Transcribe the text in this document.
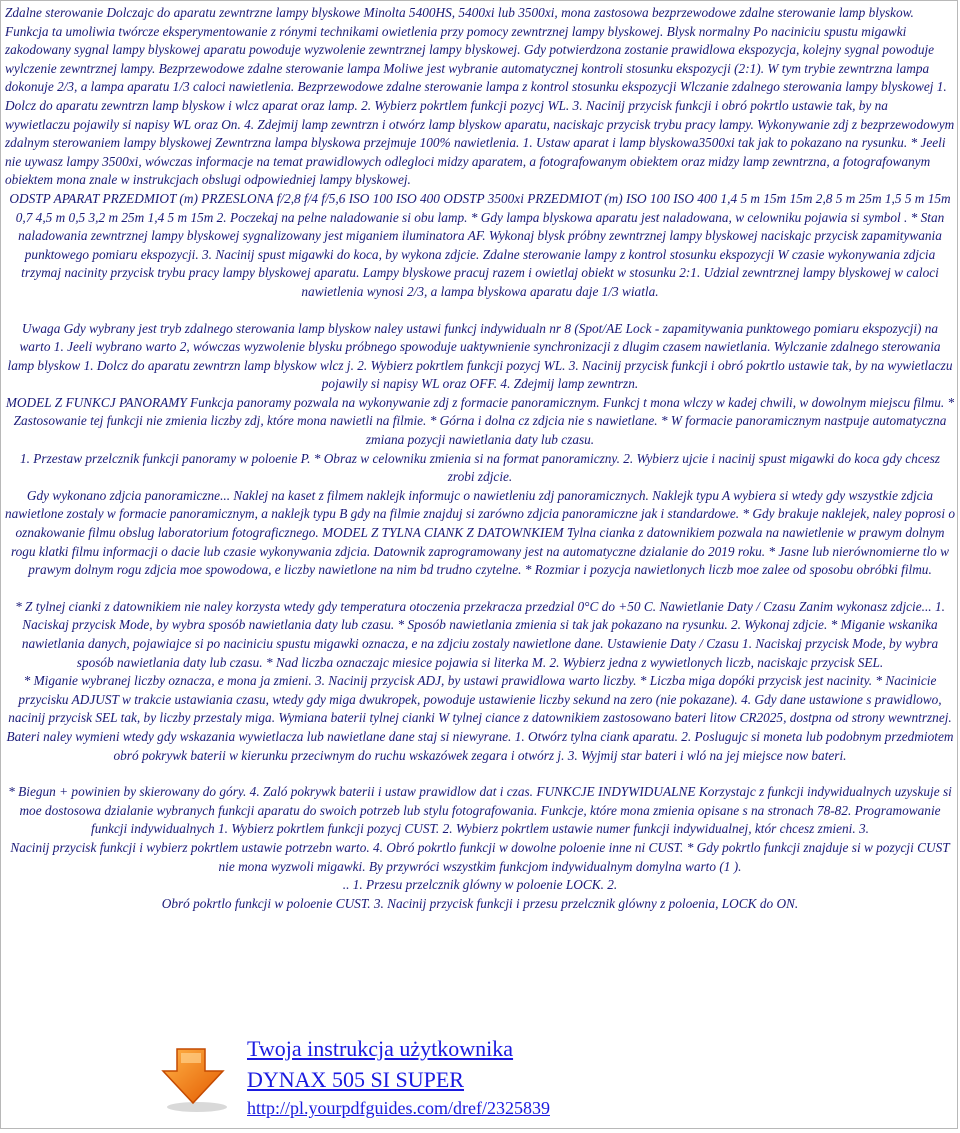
Zdalne sterowanie Dolczajc do aparatu zewntrzne lampy blyskowe Minolta 5400HS, 5400xi lub 3500xi, mona zastosowa bezprzewodowe zdalne sterowanie lamp blyskow. Funkcja ta umoliwia twórcze eksperymentowanie z rónymi technikami owietlenia przy pomocy zewntrznej lampy blyskowej. Blysk normalny Po naciniciu spustu migawki zakodowany sygnal lampy blyskowej aparatu powoduje wyzwolenie zewntrznej lampy blyskowej. Gdy potwierdzona zostanie prawidlowa ekspozycja, kolejny sygnal powoduje wylczenie zewntrznej lampy. Bezprzewodowe zdalne sterowanie lampa Moliwe jest wybranie automatycznej kontroli stosunku ekspozycji (2:1). W tym trybie zewntrzna lampa dokonuje 2/3, a lampa aparatu 1/3 caloci nawietlenia. Bezprzewodowe zdalne sterowanie lampa z kontrol stosunku ekspozycji Wlczanie zdalnego sterowania lampy blyskowej 1. Dolcz do aparatu zewntrzn lamp blyskow i wlcz aparat oraz lamp. 2. Wybierz pokrtlem funkcji pozycj WL. 3. Nacinij przycisk funkcji i obró pokrtlo ustawie tak, by na wywietlaczu pojawily si napisy WL oraz On. 4. Zdejmij lamp zewntrzn i otwórz lamp blyskow aparatu, naciskajc przycisk trybu pracy lampy. Wykonywanie zdj z bezprzewodowym zdalnym sterowaniem lampy blyskowej Zewntrzna lampa blyskowa przejmuje 100% nawietlenia. 1. Ustaw aparat i lamp blyskowa3500xi tak jak to pokazano na rysunku. * Jeeli nie uywasz lampy 3500xi, wówczas informacje na temat prawidlowych odlegloci midzy aparatem, a fotografowanym obiektem oraz midzy lamp zewntrzna, a fotografowanym obiektem mona znale w instrukcjach obslugi odpowiedniej lampy blyskowej.

ODSTP APARAT PRZEDMIOT (m) PRZESLONA f/2,8 f/4 f/5,6 ISO 100 ISO 400 ODSTP 3500xi PRZEDMIOT (m) ISO 100 ISO 400 1,4 5 m 15m 15m 2,8 5 m 25m 1,5 5 m 15m 0,7 4,5 m 0,5 3,2 m 25m 1,4 5 m 15m 2. Poczekaj na pelne naladowanie si obu lamp. * Gdy lampa blyskowa aparatu jest naladowana, w celowniku pojawia si symbol . * Stan naladowania zewntrznej lampy blyskowej sygnalizowany jest miganiem iluminatora AF. Wykonaj blysk próbny zewntrznej lampy blyskowej naciskajc przycisk zapamitywania punktowego pomiaru ekspozycji. 3. Nacinij spust migawki do koca, by wykona zdjcie. Zdalne sterowanie lampy z kontrol stosunku ekspozycji W czasie wykonywania zdjcia trzymaj nacinity przycisk trybu pracy lampy blyskowej aparatu. Lampy blyskowe pracuj razem i owietlaj obiekt w stosunku 2:1. Udzial zewntrznej lampy blyskowej w caloci nawietlenia wynosi 2/3, a lampa blyskowa aparatu daje 1/3 wiatla.

Uwaga Gdy wybrany jest tryb zdalnego sterowania lamp blyskow naley ustawi funkcj indywidualn nr 8 (Spot/AE Lock - zapamitywania punktowego pomiaru ekspozycji) na warto 1. Jeeli wybrano warto 2, wówczas wyzwolenie blysku próbnego spowoduje uaktywnienie synchronizacji z dlugim czasem nawietlania. Wylczanie zdalnego sterowania lamp blyskow 1. Dolcz do aparatu zewntrzn lamp blyskow wlcz j. 2. Wybierz pokrtlem funkcji pozycj WL. 3. Nacinij przycisk funkcji i obró pokrtlo ustawie tak, by na wywietlaczu pojawily si napisy WL oraz OFF. 4. Zdejmij lamp zewntrzn.

MODEL Z FUNKCJ PANORAMY Funkcja panoramy pozwala na wykonywanie zdj z formacie panoramicznym. Funkcj t mona wlczy w kadej chwili, w dowolnym miejscu filmu. * Zastosowanie tej funkcji nie zmienia liczby zdj, które mona nawietli na filmie. * Górna i dolna cz zdjcia nie s nawietlane. * W formacie panoramicznym nastpuje automatyczna zmiana pozycji nawietlania daty lub czasu.

1. Przestaw przelcznik funkcji panoramy w poloenie P. * Obraz w celowniku zmienia si na format panoramiczny. 2. Wybierz ujcie i nacinij spust migawki do koca gdy chcesz zrobi zdjcie.

Gdy wykonano zdjcia panoramiczne... Naklej na kaset z filmem naklejk informujc o nawietleniu zdj panoramicznych. Naklejk typu A wybiera si wtedy gdy wszystkie zdjcia nawietlone zostaly w formacie panoramicznym, a naklejk typu B gdy na filmie znajduj si zarówno zdjcia panoramiczne jak i standardowe. * Gdy brakuje naklejek, naley poprosi o oznakowanie filmu obslug laboratorium fotograficznego. MODEL Z TYLNA CIANK Z DATOWNKIEM Tylna cianka z datownikiem pozwala na nawietlenie w prawym dolnym rogu klatki filmu informacji o dacie lub czasie wykonywania zdjcia. Datownik zaprogramowany jest na automatyczne dzialanie do 2019 roku. * Jasne lub nierównomierne tlo w prawym dolnym rogu zdjcia moe spowodowa, e liczby nawietlone na nim bd trudno czytelne. * Rozmiar i pozycja nawietlonych liczb moe zalee od sposobu obróbki filmu.

* Z tylnej cianki z datownikiem nie naley korzysta wtedy gdy temperatura otoczenia przekracza przedzial 0°C do +50 C. Nawietlanie Daty / Czasu Zanim wykonasz zdjcie... 1. Naciskaj przycisk Mode, by wybra sposób nawietlania daty lub czasu. * Sposób nawietlania zmienia si tak jak pokazano na rysunku. 2. Wykonaj zdjcie. * Miganie wskanika nawietlania danych, pojawiajce si po naciniciu spustu migawki oznacza, e na zdjciu zostaly nawietlone dane. Ustawienie Daty / Czasu 1. Naciskaj przycisk Mode, by wybra sposób nawietlania daty lub czasu. * Nad liczba oznaczajc miesice pojawia si literka M. 2. Wybierz jedna z wywietlonych liczb, naciskajc przycisk SEL.

* Miganie wybranej liczby oznacza, e mona ja zmieni. 3. Nacinij przycisk ADJ, by ustawi prawidlowa warto liczby. * Liczba miga dopóki przycisk jest nacinity. * Nacinicie przycisku ADJUST w trakcie ustawiania czasu, wtedy gdy miga dwukropek, powoduje ustawienie liczby sekund na zero (nie pokazane). 4. Gdy dane ustawione s prawidlowo, nacinij przycisk SEL tak, by liczby przestaly miga. Wymiana baterii tylnej cianki W tylnej ciance z datownikiem zastosowano bateri litow CR2025, dostpna od strony wewntrznej. Bateri naley wymieni wtedy gdy wskazania wywietlacza lub nawietlane dane staj si niewyrane. 1. Otwórz tylna ciank aparatu. 2. Poslugujc si moneta lub podobnym przedmiotem obró pokrywk baterii w kierunku przeciwnym do ruchu wskazówek zegara i otwórz j. 3. Wyjmij star bateri i wló na jej miejsce now bateri.

* Biegun + powinien by skierowany do góry. 4. Zaló pokrywk baterii i ustaw prawidlow dat i czas. FUNKCJE INDYWIDUALNE Korzystajc z funkcji indywidualnych uzyskuje si moe dostosowa dzialanie wybranych funkcji aparatu do swoich potrzeb lub stylu fotografowania. Funkcje, które mona zmienia opisane s na stronach 78-82. Programowanie funkcji indywidualnych 1. Wybierz pokrtlem funkcji pozycj CUST. 2. Wybierz pokrtlem ustawie numer funkcji indywidualnej, któr chcesz zmieni. 3.

Nacinij przycisk funkcji i wybierz pokrtlem ustawie potrzebn warto. 4. Obró pokrtlo funkcji w dowolne poloenie inne ni CUST. * Gdy pokrtlo funkcji znajduje si w pozycji CUST nie mona wyzwoli migawki. By przywróci wszystkim funkcjom indywidualnym domylna warto (1 ).

.. 1. Przesu przelcznik glówny w poloenie LOCK. 2.

Obró pokrtlo funkcji w poloenie CUST. 3. Nacinij przycisk funkcji i przesu przelcznik glówny z poloenia, LOCK do ON.

Twoja instrukcja użytkownika
DYNAX 505 SI SUPER
http://pl.yourpdfguides.com/dref/2325839
